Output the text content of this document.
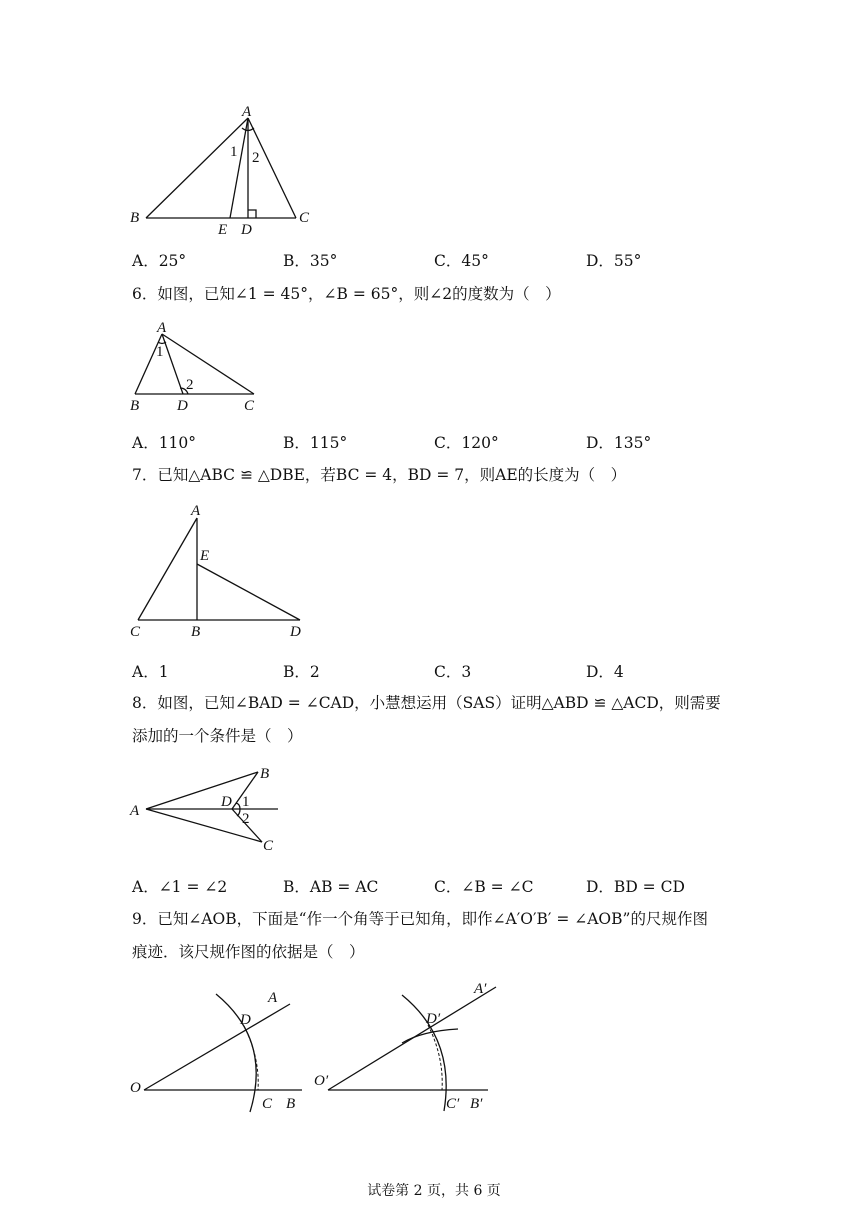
A
B	C
E D
1 2
A．25°	B．35°	C．45°	D．55°
6．如图，已知∠1 = 45°，∠B = 65°，则∠2的度数为（　）
A
B	D	C
1
2
A．110°	B．115°	C．120°	D．135°
7．已知△ABC ≌ △DBE，若BC = 4，BD = 7，则AE的长度为（　）
A
E
C	B	D
A．1	B．2	C．3	D．4
8．如图，已知∠BAD = ∠CAD，小慧想运用（SAS）证明△ABD ≌ △ACD，则需要
添加的一个条件是（　）
A
B
C
D 1
2
A．∠1 = ∠2	B．AB = AC	C．∠B = ∠C	D．BD = CD
9．已知∠AOB，下面是“作一个角等于已知角，即作∠A′O′B′ = ∠AOB”的尺规作图
痕迹．该尺规作图的依据是（　）
O
A
D
C B
O′
A′
D′
C′ B′
试卷第 2 页，共 6 页
